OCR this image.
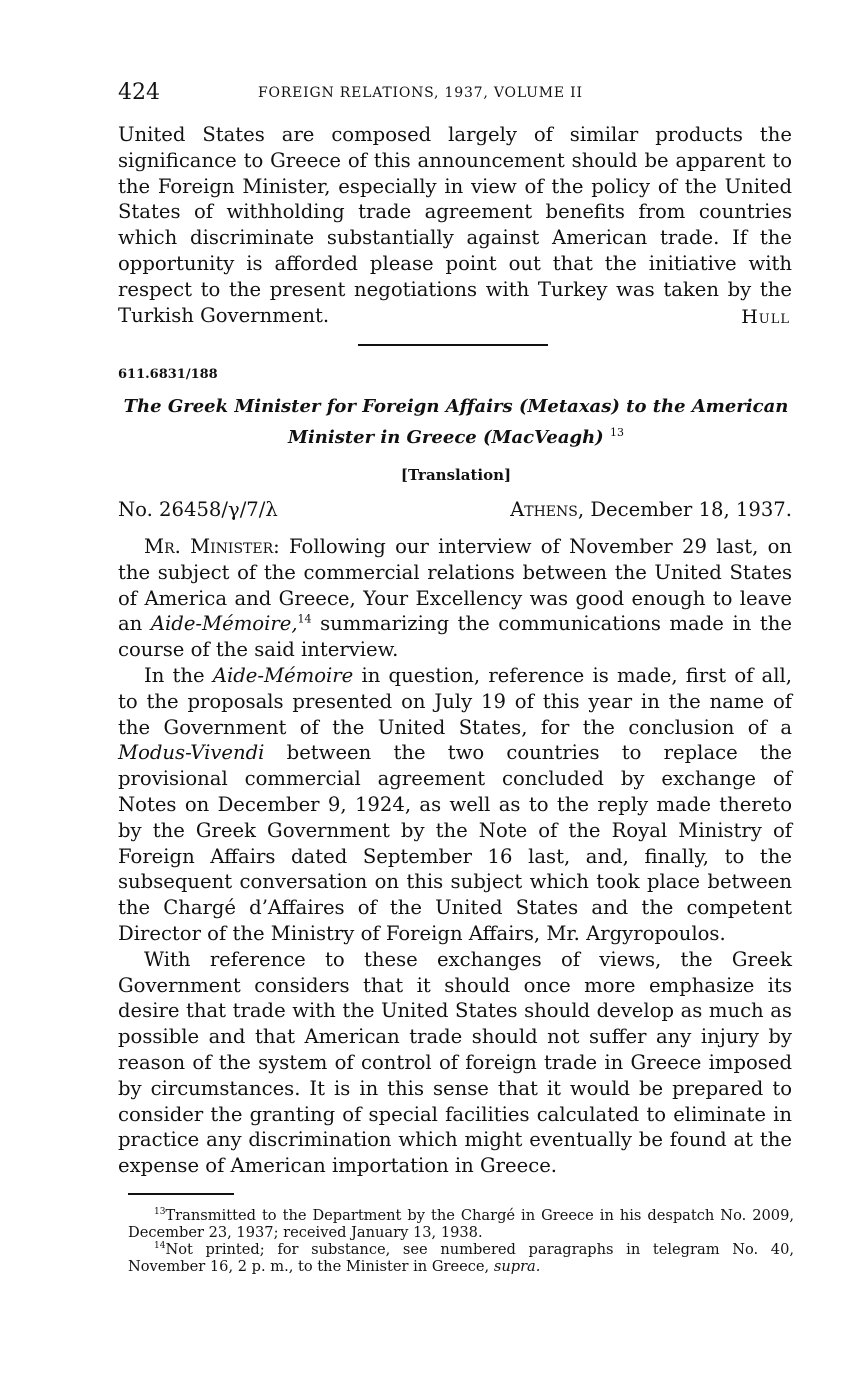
424	FOREIGN RELATIONS, 1937, VOLUME II

United States are composed largely of similar products the significance to Greece of this announcement should be apparent to the Foreign Minister, especially in view of the policy of the United States of withholding trade agreement benefits from countries which discriminate substantially against American trade. If the opportunity is afforded please point out that the initiative with respect to the present negotiations with Turkey was taken by the Turkish Government.	Hull
611.6831/188
The Greek Minister for Foreign Affairs (Metaxas) to the American
Minister in Greece (MacVeagh) $^{13}$
[Translation]
No. 26458/γ/7/λ	Athens, December 18, 1937.

Mr. Minister: Following our interview of November 29 last, on the subject of the commercial relations between the United States of America and Greece, Your Excellency was good enough to leave an Aide-Mémoire,$^{14}$ summarizing the communications made in the course of the said interview.

In the Aide-Mémoire in question, reference is made, first of all, to the proposals presented on July 19 of this year in the name of the Government of the United States, for the conclusion of a Modus-Vivendi between the two countries to replace the provisional commercial agreement concluded by exchange of Notes on December 9, 1924, as well as to the reply made thereto by the Greek Government by the Note of the Royal Ministry of Foreign Affairs dated September 16 last, and, finally, to the subsequent conversation on this subject which took place between the Chargé d’Affaires of the United States and the competent Director of the Ministry of Foreign Affairs, Mr. Argyropoulos.

With reference to these exchanges of views, the Greek Government considers that it should once more emphasize its desire that trade with the United States should develop as much as possible and that American trade should not suffer any injury by reason of the system of control of foreign trade in Greece imposed by circumstances. It is in this sense that it would be prepared to consider the granting of special facilities calculated to eliminate in practice any discrimination which might eventually be found at the expense of American importation in Greece.

$^{13}$Transmitted to the Department by the Chargé in Greece in his despatch No. 2009, December 23, 1937; received January 13, 1938.

$^{14}$Not printed; for substance, see numbered paragraphs in telegram No. 40, November 16, 2 p. m., to the Minister in Greece, supra.
